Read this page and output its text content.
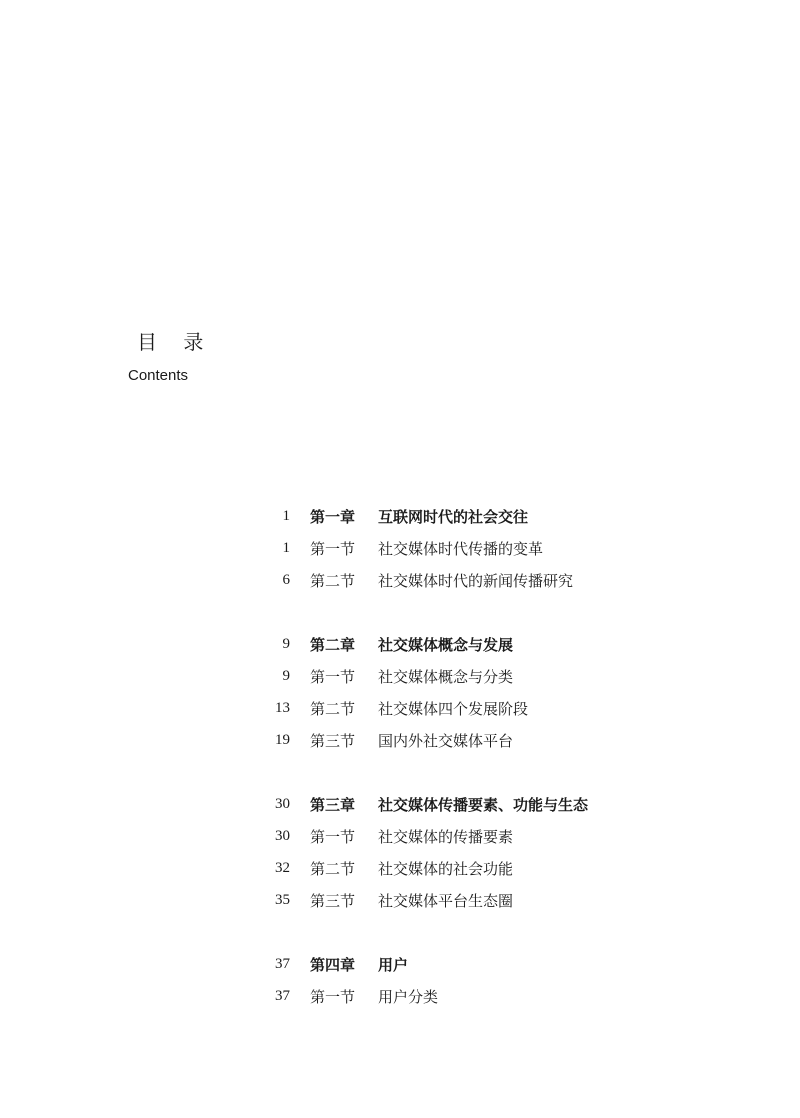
目 录
Contents
1	第一章	互联网时代的社会交往
1	第一节	社交媒体时代传播的变革
6	第二节	社交媒体时代的新闻传播研究
9	第二章	社交媒体概念与发展
9	第一节	社交媒体概念与分类
13	第二节	社交媒体四个发展阶段
19	第三节	国内外社交媒体平台
30	第三章	社交媒体传播要素、功能与生态
30	第一节	社交媒体的传播要素
32	第二节	社交媒体的社会功能
35	第三节	社交媒体平台生态圈
37	第四章	用户
37	第一节	用户分类
